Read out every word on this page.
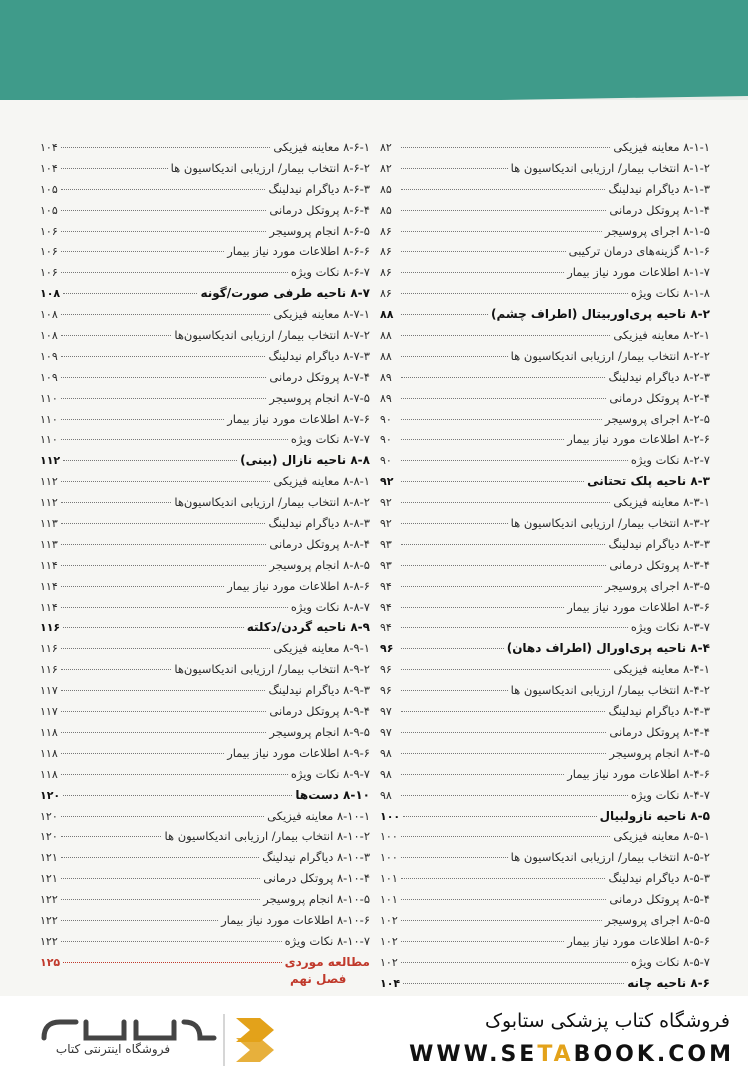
۸-۱-۱ معاینه فیزیکی
۸۲
۸-۱-۲ انتخاب بیمار/ ارزیابی اندیکاسیون ها
۸۲
۸-۱-۳ دیاگرام نیدلینگ
۸۵
۸-۱-۴ پروتکل درمانی
۸۵
۸-۱-۵ اجرای پروسیجر
۸۶
۸-۱-۶ گزینه‌های درمان ترکیبی
۸۶
۸-۱-۷ اطلاعات مورد نیاز بیمار
۸۶
۸-۱-۸ نکات ویژه
۸۶
۸-۲ ناحیه پری‌اوربیتال (اطراف چشم)
۸۸
۸-۲-۱ معاینه فیزیکی
۸۸
۸-۲-۲ انتخاب بیمار/ ارزیابی اندیکاسیون ها
۸۸
۸-۲-۳ دیاگرام نیدلینگ
۸۹
۸-۲-۴ پروتکل درمانی
۸۹
۸-۲-۵ اجرای پروسیجر
۹۰
۸-۲-۶ اطلاعات مورد نیاز بیمار
۹۰
۸-۲-۷ نکات ویژه
۹۰
۸-۳ ناحیه پلک تحتانی
۹۲
۸-۳-۱ معاینه فیزیکی
۹۲
۸-۳-۲ انتخاب بیمار/ ارزیابی اندیکاسیون ها
۹۲
۸-۳-۳ دیاگرام نیدلینگ
۹۳
۸-۳-۴ پروتکل درمانی
۹۳
۸-۳-۵ اجرای پروسیجر
۹۴
۸-۳-۶ اطلاعات مورد نیاز بیمار
۹۴
۸-۳-۷ نکات ویژه
۹۴
۸-۴ ناحیه پری‌اورال (اطراف دهان)
۹۶
۸-۴-۱ معاینه فیزیکی
۹۶
۸-۴-۲ انتخاب بیمار/ ارزیابی اندیکاسیون ها
۹۶
۸-۴-۳ دیاگرام نیدلینگ
۹۷
۸-۴-۴ پروتکل درمانی
۹۷
۸-۴-۵ انجام پروسیجر
۹۸
۸-۴-۶ اطلاعات مورد نیاز بیمار
۹۸
۸-۴-۷ نکات ویژه
۹۸
۸-۵ ناحیه نازولبیال
۱۰۰
۸-۵-۱ معاینه فیزیکی
۱۰۰
۸-۵-۲ انتخاب بیمار/ ارزیابی اندیکاسیون ها
۱۰۰
۸-۵-۳ دیاگرام نیدلینگ
۱۰۱
۸-۵-۴ پروتکل درمانی
۱۰۱
۸-۵-۵ اجرای پروسیجر
۱۰۲
۸-۵-۶ اطلاعات مورد نیاز بیمار
۱۰۲
۸-۵-۷ نکات ویژه
۱۰۲
۸-۶ ناحیه چانه
۱۰۴
۸-۶-۱ معاینه فیزیکی
۱۰۴
۸-۶-۲ انتخاب بیمار/ ارزیابی اندیکاسیون ها
۱۰۴
۸-۶-۳ دیاگرام نیدلینگ
۱۰۵
۸-۶-۴ پروتکل درمانی
۱۰۵
۸-۶-۵ انجام پروسیجر
۱۰۶
۸-۶-۶ اطلاعات مورد نیاز بیمار
۱۰۶
۸-۶-۷ نکات ویژه
۱۰۶
۸-۷ ناحیه طرفی صورت/گونه
۱۰۸
۸-۷-۱ معاینه فیزیکی
۱۰۸
۸-۷-۲ انتخاب بیمار/ ارزیابی اندیکاسیون‌ها
۱۰۸
۸-۷-۳ دیاگرام نیدلینگ
۱۰۹
۸-۷-۴ پروتکل درمانی
۱۰۹
۸-۷-۵ انجام پروسیجر
۱۱۰
۸-۷-۶ اطلاعات مورد نیاز بیمار
۱۱۰
۸-۷-۷ نکات ویژه
۱۱۰
۸-۸ ناحیه نازال (بینی)
۱۱۲
۸-۸-۱ معاینه فیزیکی
۱۱۲
۸-۸-۲ انتخاب بیمار/ ارزیابی اندیکاسیون‌ها
۱۱۲
۸-۸-۳ دیاگرام نیدلینگ
۱۱۳
۸-۸-۴ پروتکل درمانی
۱۱۳
۸-۸-۵ انجام پروسیجر
۱۱۴
۸-۸-۶ اطلاعات مورد نیاز بیمار
۱۱۴
۸-۸-۷ نکات ویژه
۱۱۴
۸-۹ ناحیه گردن/دکلته
۱۱۶
۸-۹-۱ معاینه فیزیکی
۱۱۶
۸-۹-۲ انتخاب بیمار/ ارزیابی اندیکاسیون‌ها
۱۱۶
۸-۹-۳ دیاگرام نیدلینگ
۱۱۷
۸-۹-۴ پروتکل درمانی
۱۱۷
۸-۹-۵ انجام پروسیجر
۱۱۸
۸-۹-۶ اطلاعات مورد نیاز بیمار
۱۱۸
۸-۹-۷ نکات ویژه
۱۱۸
۸-۱۰ دست‌ها
۱۲۰
۸-۱۰-۱ معاینه فیزیکی
۱۲۰
۸-۱۰-۲ انتخاب بیمار/ ارزیابی اندیکاسیون ها
۱۲۰
۸-۱۰-۳ دیاگرام نیدلینگ
۱۲۱
۸-۱۰-۴ پروتکل درمانی
۱۲۱
۸-۱۰-۵ انجام پروسیجر
۱۲۲
۸-۱۰-۶ اطلاعات مورد نیاز بیمار
۱۲۲
۸-۱۰-۷ نکات ویژه
۱۲۲
مطالعه موردی
۱۲۵
فصل نهم
فروشگاه اینترنتی کتاب
فروشگاه کتاب پزشکی ستابوک
WWW.SETABOOK.COM
